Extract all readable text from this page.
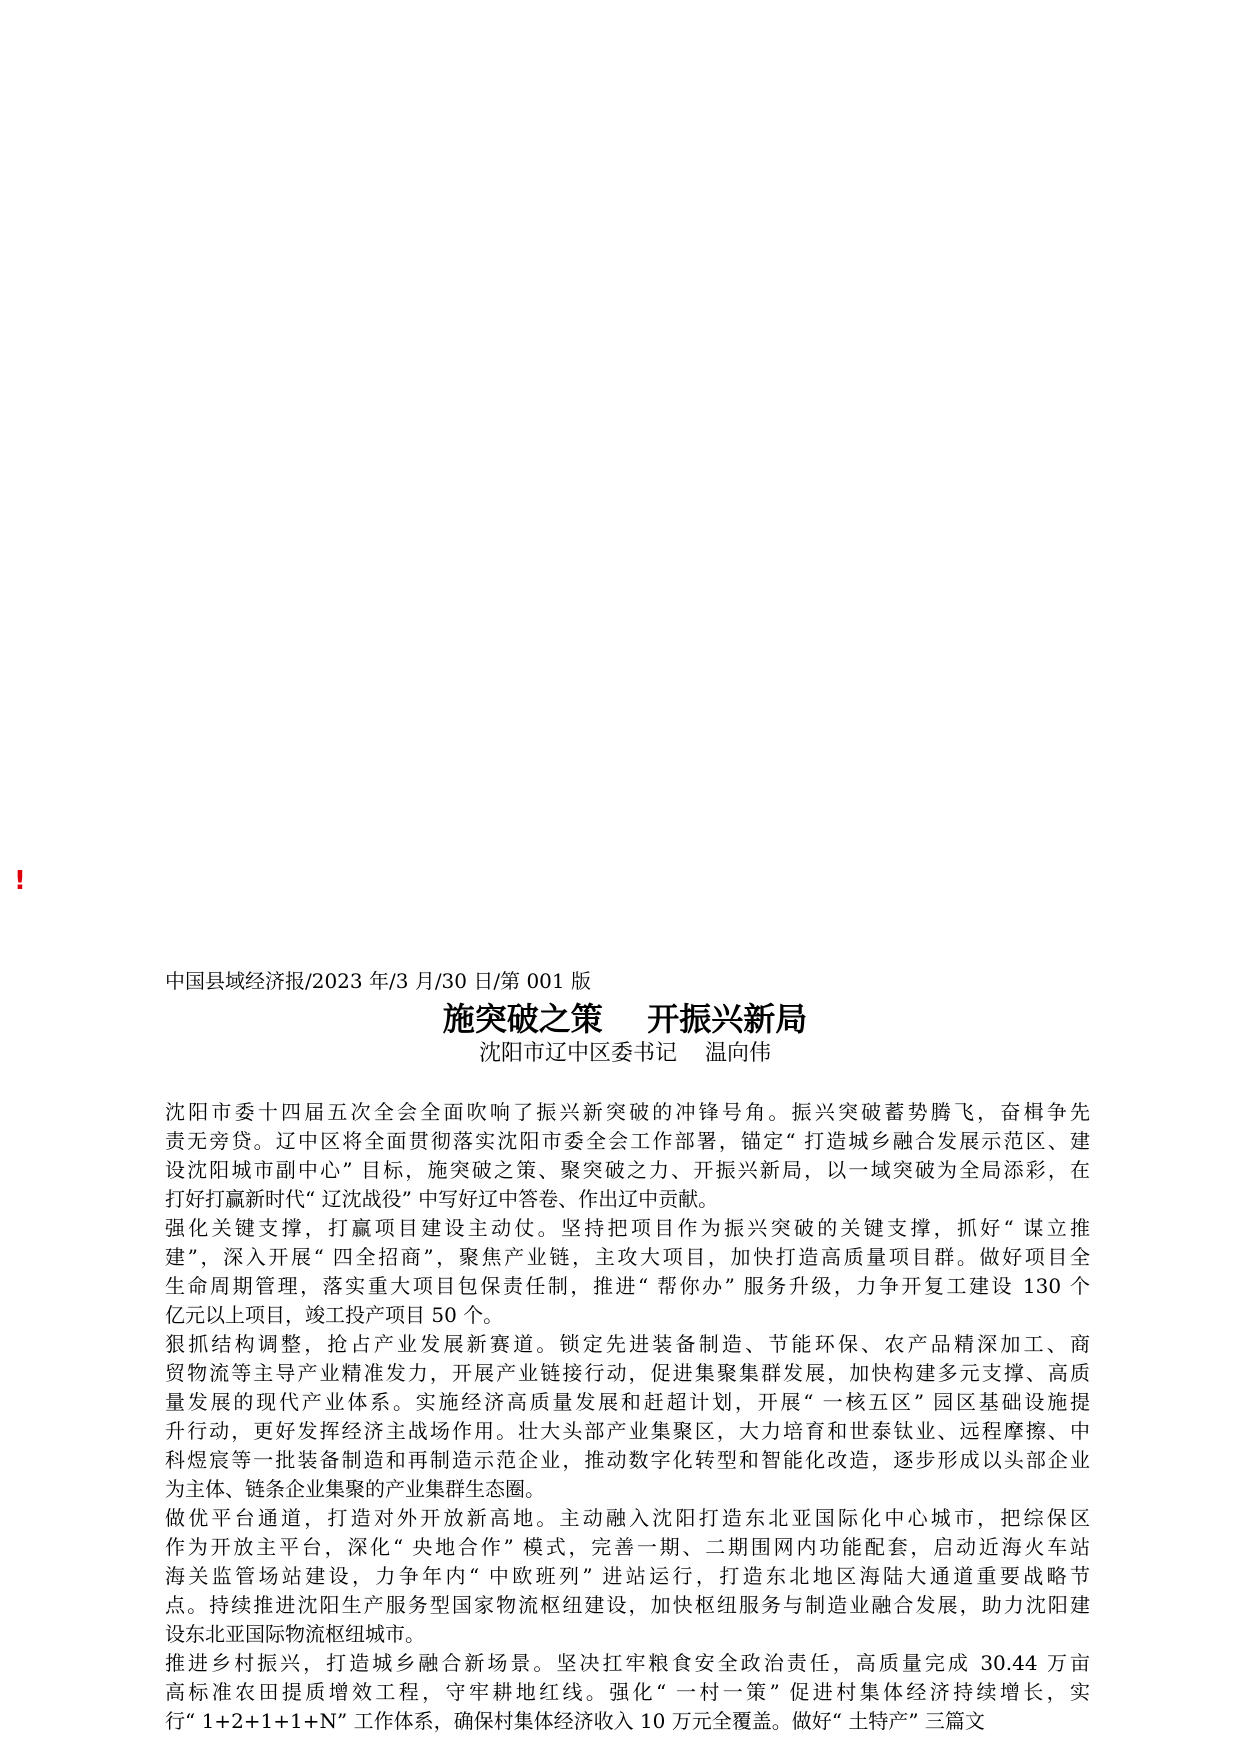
!
中国县域经济报/2023 年/3 月/30 日/第 001 版
施突破之策    开振兴新局
沈阳市辽中区委书记    温向伟

沈阳市委十四届五次全会全面吹响了振兴新突破的冲锋号角。振兴突破蓄势腾飞，奋楫争先
责无旁贷。辽中区将全面贯彻落实沈阳市委全会工作部署，锚定“ 打造城乡融合发展示范区、建
设沈阳城市副中心” 目标，施突破之策、聚突破之力、开振兴新局，以一域突破为全局添彩，在
打好打赢新时代“ 辽沈战役” 中写好辽中答卷、作出辽中贡献。

强化关键支撑，打赢项目建设主动仗。坚持把项目作为振兴突破的关键支撑，抓好“ 谋立推
建”，深入开展“ 四全招商”，聚焦产业链，主攻大项目，加快打造高质量项目群。做好项目全
生命周期管理，落实重大项目包保责任制，推进“ 帮你办” 服务升级，力争开复工建设 130 个
亿元以上项目，竣工投产项目 50 个。

狠抓结构调整，抢占产业发展新赛道。锁定先进装备制造、节能环保、农产品精深加工、商
贸物流等主导产业精准发力，开展产业链接行动，促进集聚集群发展，加快构建多元支撑、高质
量发展的现代产业体系。实施经济高质量发展和赶超计划，开展“ 一核五区” 园区基础设施提
升行动，更好发挥经济主战场作用。壮大头部产业集聚区，大力培育和世泰钛业、远程摩擦、中
科煜宸等一批装备制造和再制造示范企业，推动数字化转型和智能化改造，逐步形成以头部企业
为主体、链条企业集聚的产业集群生态圈。

做优平台通道，打造对外开放新高地。主动融入沈阳打造东北亚国际化中心城市，把综保区
作为开放主平台，深化“ 央地合作” 模式，完善一期、二期围网内功能配套，启动近海火车站
海关监管场站建设，力争年内“ 中欧班列” 进站运行，打造东北地区海陆大通道重要战略节
点。持续推进沈阳生产服务型国家物流枢纽建设，加快枢纽服务与制造业融合发展，助力沈阳建
设东北亚国际物流枢纽城市。

推进乡村振兴，打造城乡融合新场景。坚决扛牢粮食安全政治责任，高质量完成 30.44 万亩
高标准农田提质增效工程，守牢耕地红线。强化“ 一村一策” 促进村集体经济持续增长，实
行“ 1+2+1+1+N” 工作体系，确保村集体经济收入 10 万元全覆盖。做好“ 土特产” 三篇文
